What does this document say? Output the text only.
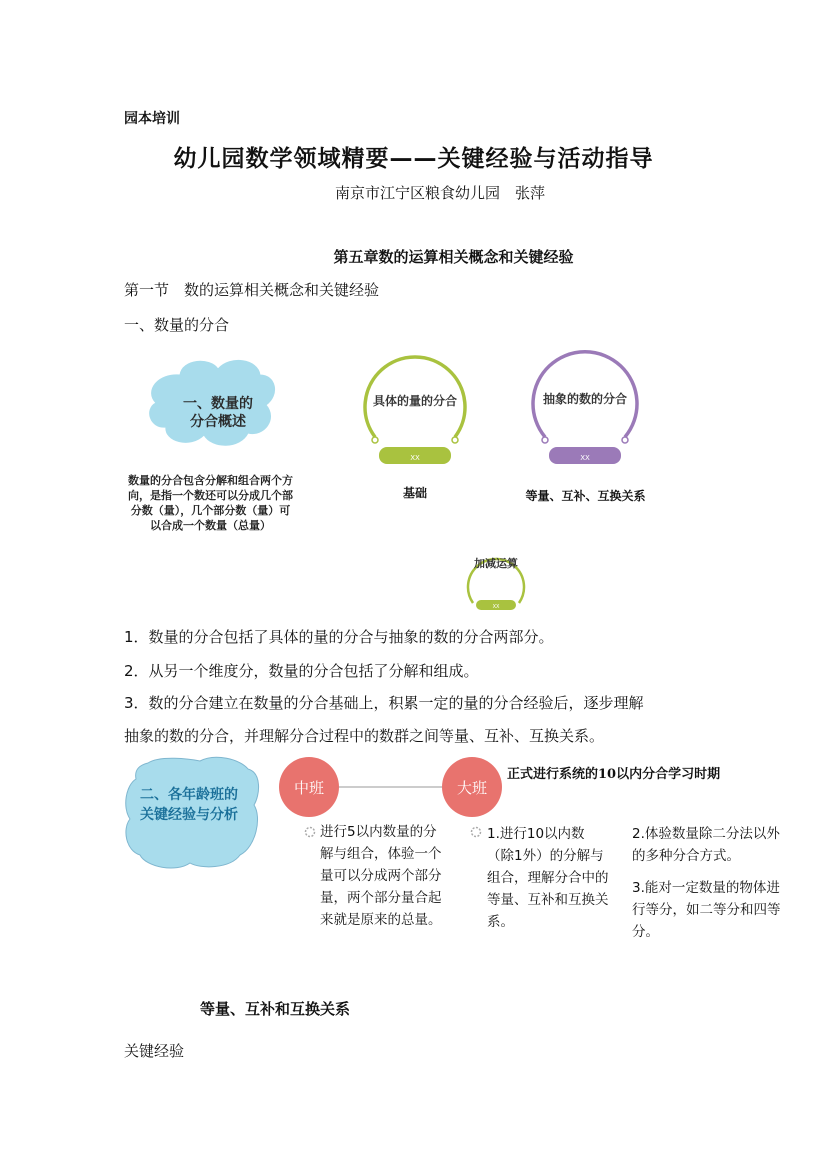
园本培训
幼儿园数学领域精要——关键经验与活动指导
南京市江宁区粮食幼儿园　张萍
第五章数的运算相关概念和关键经验
第一节　数的运算相关概念和关键经验
一、数量的分合
XX	XX
XX
一、数量的
分合概述
数量的分合包含分解和组合两个方向，是指一个数还可以分成几个部分数（量），几个部分数（量）可以合成一个数量（总量）
具体的量的分合
基础
抽象的数的分合
等量、互补、互换关系
加减运算
1．数量的分合包括了具体的量的分合与抽象的数的分合两部分。
2．从另一个维度分，数量的分合包括了分解和组成。
3．数的分合建立在数量的分合基础上，积累一定的量的分合经验后，逐步理解
抽象的数的分合，并理解分合过程中的数群之间等量、互补、互换关系。
二、各年龄班的关键经验与分析
中班	大班
正式进行系统的10以内分合学习时期
进行5以内数量的分解与组合，体验一个量可以分成两个部分量，两个部分量合起来就是原来的总量。
1.进行10以内数（除1外）的分解与组合，理解分合中的等量、互补和互换关系。
2.体验数量除二分法以外的多种分合方式。
3.能对一定数量的物体进行等分，如二等分和四等分。
等量、互补和互换关系
关键经验
